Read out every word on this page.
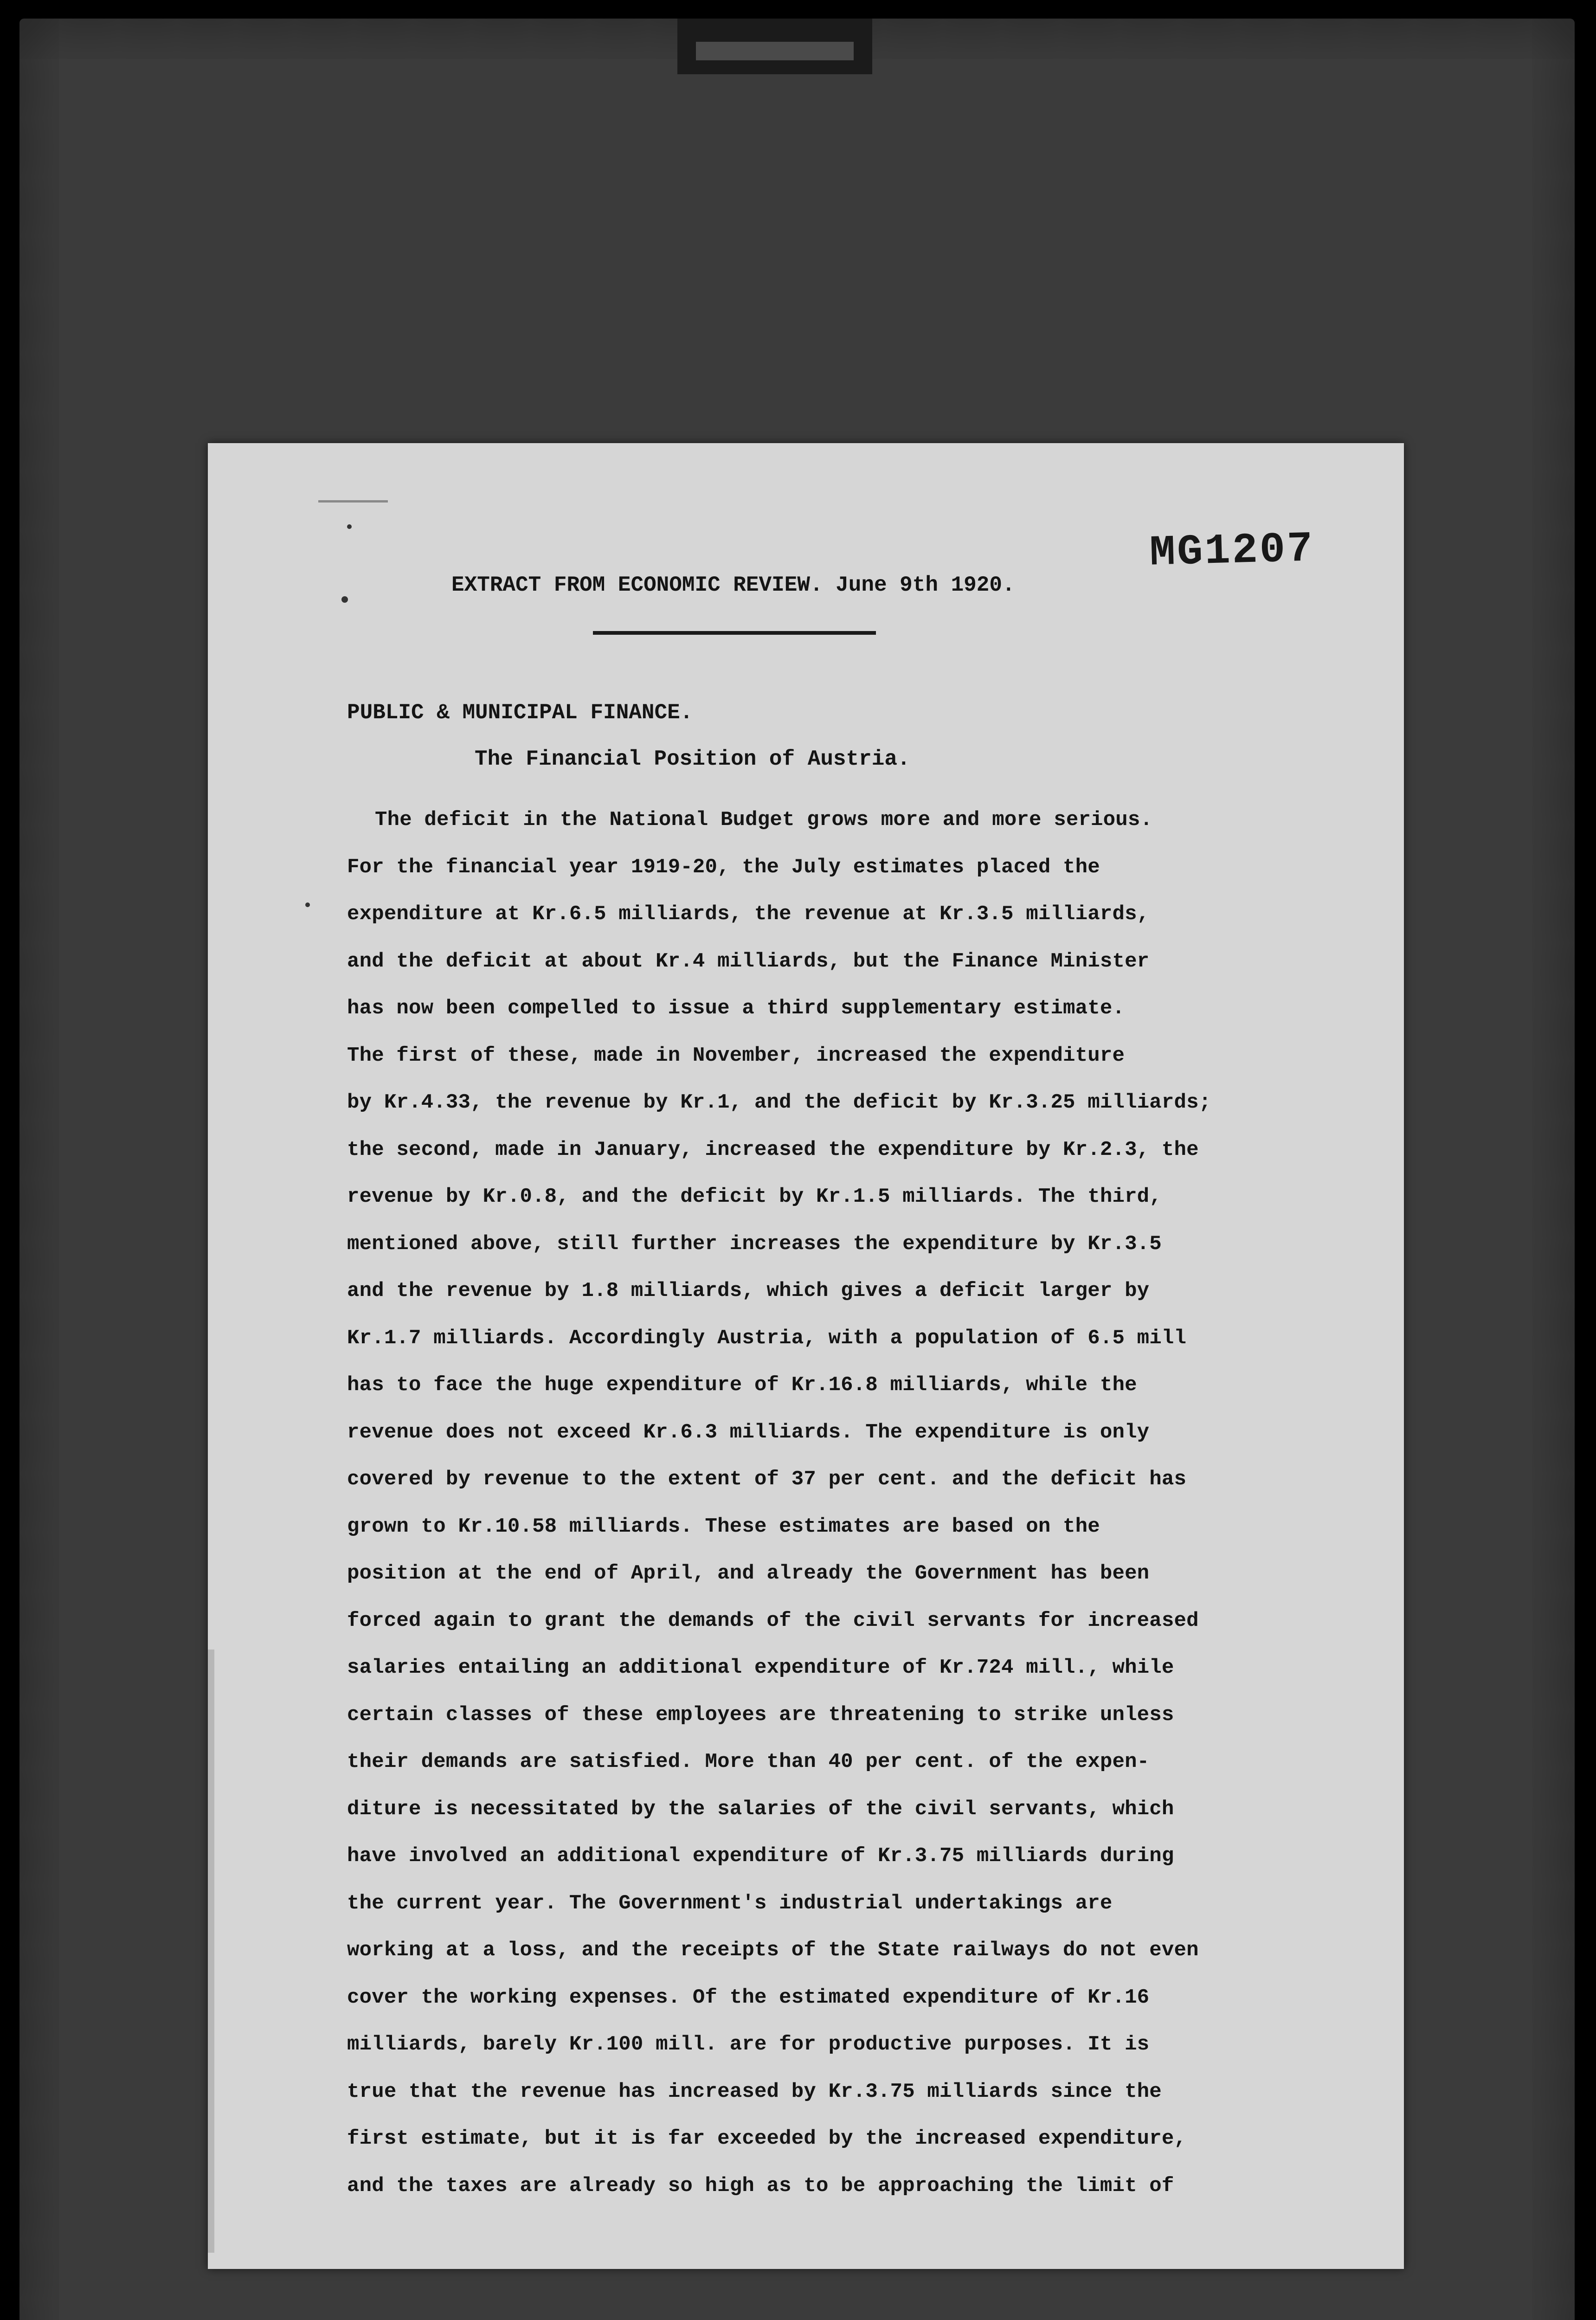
MG1207
EXTRACT FROM ECONOMIC REVIEW. June 9th 1920.
PUBLIC & MUNICIPAL FINANCE.
The Financial Position of Austria.
The deficit in the National Budget grows more and more serious.
For the financial year 1919-20, the July estimates placed the
expenditure at Kr.6.5 milliards, the revenue at Kr.3.5 milliards,
and the deficit at about Kr.4 milliards, but the Finance Minister
has now been compelled to issue a third supplementary estimate.
The first of these, made in November, increased the expenditure
by Kr.4.33, the revenue by Kr.1, and the deficit by Kr.3.25 milliards;
the second, made in January, increased the expenditure by Kr.2.3, the
revenue by Kr.0.8, and the deficit by Kr.1.5 milliards. The third,
mentioned above, still further increases the expenditure by Kr.3.5
and the revenue by 1.8 milliards, which gives a deficit larger by
Kr.1.7 milliards. Accordingly Austria, with a population of 6.5 mill
has to face the huge expenditure of Kr.16.8 milliards, while the
revenue does not exceed Kr.6.3 milliards. The expenditure is only
covered by revenue to the extent of 37 per cent. and the deficit has
grown to Kr.10.58 milliards. These estimates are based on the
position at the end of April, and already the Government has been
forced again to grant the demands of the civil servants for increased
salaries entailing an additional expenditure of Kr.724 mill., while
certain classes of these employees are threatening to strike unless
their demands are satisfied. More than 40 per cent. of the expen-
diture is necessitated by the salaries of the civil servants, which
have involved an additional expenditure of Kr.3.75 milliards during
the current year. The Government's industrial undertakings are
working at a loss, and the receipts of the State railways do not even
cover the working expenses. Of the estimated expenditure of Kr.16
milliards, barely Kr.100 mill. are for productive purposes. It is
true that the revenue has increased by Kr.3.75 milliards since the
first estimate, but it is far exceeded by the increased expenditure,
and the taxes are already so high as to be approaching the limit of
